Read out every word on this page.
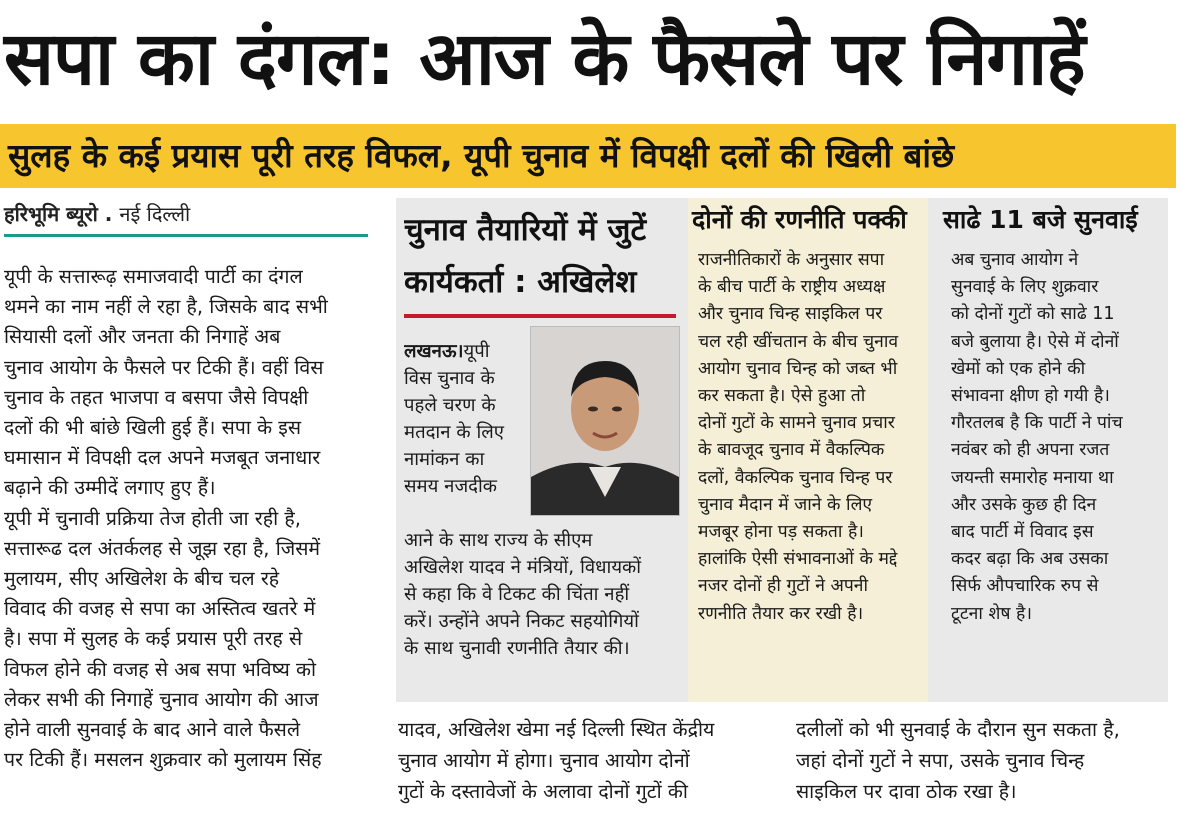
सपा का दंगल: आज के फैसले पर निगाहें
सुलह के कई प्रयास पूरी तरह विफल, यूपी चुनाव में विपक्षी दलों की खिली बांछे
हरिभूमि ब्यूरो . नई दिल्ली
यूपी के सत्तारूढ़ समाजवादी पार्टी का दंगल
थमने का नाम नहीं ले रहा है, जिसके बाद सभी
सियासी दलों और जनता की निगाहें अब
चुनाव आयोग के फैसले पर टिकी हैं। वहीं विस
चुनाव के तहत भाजपा व बसपा जैसे विपक्षी
दलों की भी बांछे खिली हुई हैं। सपा के इस
घमासान में विपक्षी दल अपने मजबूत जनाधार
बढ़ाने की उम्मीदें लगाए हुए हैं।
यूपी में चुनावी प्रक्रिया तेज होती जा रही है,
सत्तारूढ दल अंतर्कलह से जूझ रहा है, जिसमें
मुलायम, सीए अखिलेश के बीच चल रहे
विवाद की वजह से सपा का अस्तित्व खतरे में
है। सपा में सुलह के कई प्रयास पूरी तरह से
विफल होने की वजह से अब सपा भविष्य को
लेकर सभी की निगाहें चुनाव आयोग की आज
होने वाली सुनवाई के बाद आने वाले फैसले
पर टिकी हैं। मसलन शुक्रवार को मुलायम सिंह
चुनाव तैयारियों में जुटें
कार्यकर्ता : अखिलेश
लखनऊ।यूपी
विस चुनाव के
पहले चरण के
मतदान के लिए
नामांकन का
समय नजदीक
आने के साथ राज्य के सीएम
अखिलेश यादव ने मंत्रियों, विधायकों
से कहा कि वे टिकट की चिंता नहीं
करें। उन्होंने अपने निकट सहयोगियों
के साथ चुनावी रणनीति तैयार की।
दोनों की रणनीति पक्की
राजनीतिकारों के अनुसार सपा
के बीच पार्टी के राष्ट्रीय अध्यक्ष
और चुनाव चिन्ह साइकिल पर
चल रही खींचतान के बीच चुनाव
आयोग चुनाव चिन्ह को जब्त भी
कर सकता है। ऐसे हुआ तो
दोनों गुटों के सामने चुनाव प्रचार
के बावजूद चुनाव में वैकल्पिक
दलों, वैकल्पिक चुनाव चिन्ह पर
चुनाव मैदान में जाने के लिए
मजबूर होना पड़ सकता है।
हालांकि ऐसी संभावनाओं के मद्दे
नजर दोनों ही गुटों ने अपनी
रणनीति तैयार कर रखी है।
साढे 11 बजे सुनवाई
अब चुनाव आयोग ने
सुनवाई के लिए शुक्रवार
को दोनों गुटों को साढे 11
बजे बुलाया है। ऐसे में दोनों
खेमों को एक होने की
संभावना क्षीण हो गयी है।
गौरतलब है कि पार्टी ने पांच
नवंबर को ही अपना रजत
जयन्ती समारोह मनाया था
और उसके कुछ ही दिन
बाद पार्टी में विवाद इस
कदर बढ़ा कि अब उसका
सिर्फ औपचारिक रुप से
टूटना शेष है।
यादव, अखिलेश खेमा नई दिल्ली स्थित केंद्रीय
चुनाव आयोग में होगा। चुनाव आयोग दोनों
गुटों के दस्तावेजों के अलावा दोनों गुटों की
दलीलों को भी सुनवाई के दौरान सुन सकता है,
जहां दोनों गुटों ने सपा, उसके चुनाव चिन्ह
साइकिल पर दावा ठोक रखा है।
